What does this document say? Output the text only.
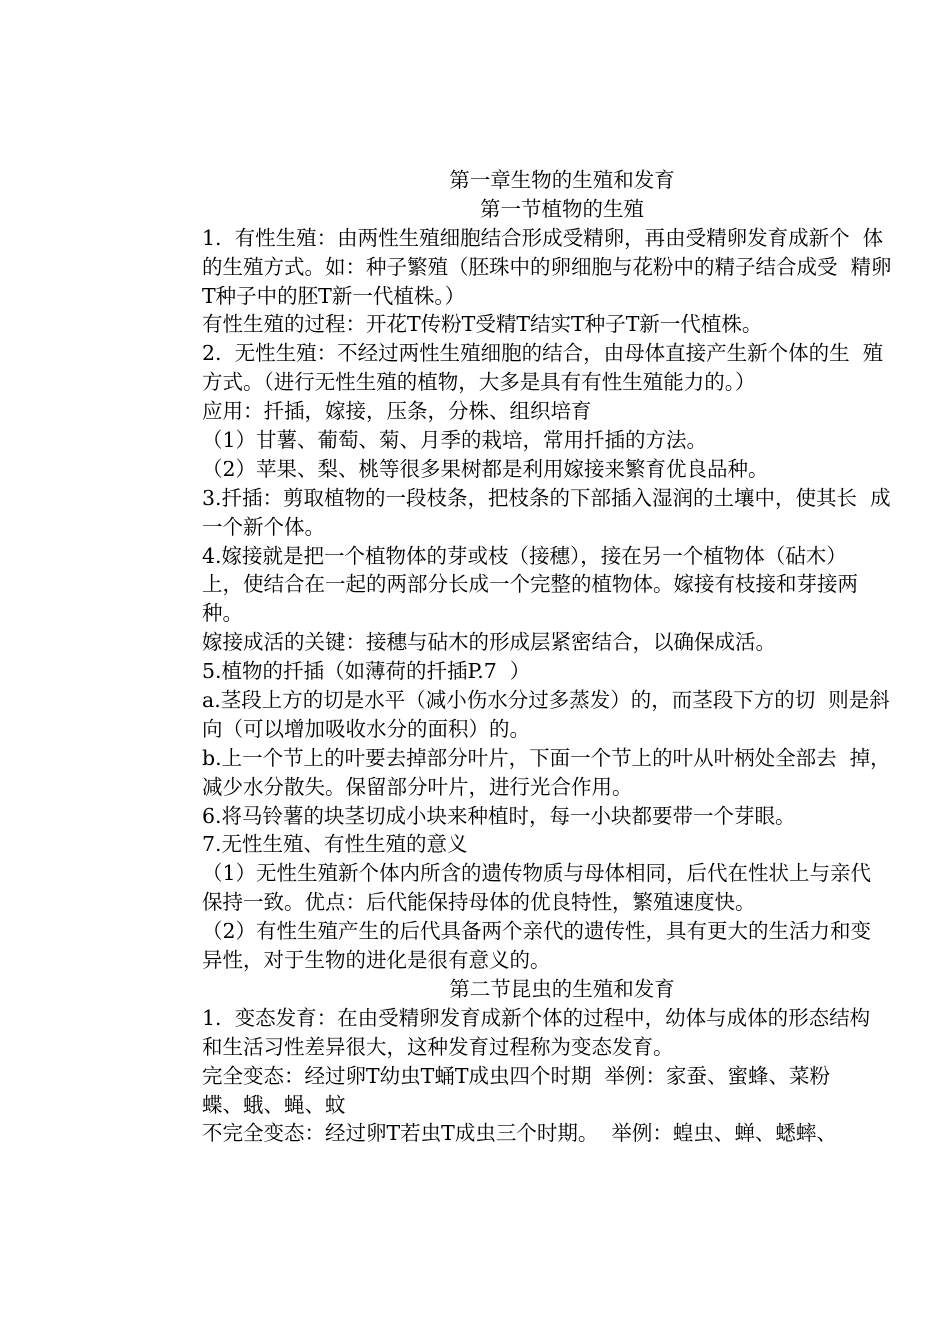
第一章生物的生殖和发育
第一节植物的生殖
1.  有性生殖：由两性生殖细胞结合形成受精卵，再由受精卵发育成新个  体
的生殖方式。如：种子繁殖（胚珠中的卵细胞与花粉中的精子结合成受  精卵
T种子中的胚T新一代植株。）
有性生殖的过程：开花T传粉T受精T结实T种子T新一代植株。
2.  无性生殖：不经过两性生殖细胞的结合，由母体直接产生新个体的生  殖
方式。（进行无性生殖的植物，大多是具有有性生殖能力的。）
应用：扦插，嫁接，压条，分株、组织培育
（1）甘薯、葡萄、菊、月季的栽培，常用扦插的方法。
（2）苹果、梨、桃等很多果树都是利用嫁接来繁育优良品种。
3.扦插：剪取植物的一段枝条，把枝条的下部插入湿润的土壤中，使其长  成
一个新个体。
4.嫁接就是把一个植物体的芽或枝（接穗），接在另一个植物体（砧木）
上，使结合在一起的两部分长成一个完整的植物体。嫁接有枝接和芽接两
种。
嫁接成活的关键：接穗与砧木的形成层紧密结合，以确保成活。
5.植物的扦插（如薄荷的扦插P.7  ）
a.茎段上方的切是水平（减小伤水分过多蒸发）的，而茎段下方的切  则是斜
向（可以增加吸收水分的面积）的。
b.上一个节上的叶要去掉部分叶片，下面一个节上的叶从叶柄处全部去  掉，
减少水分散失。保留部分叶片，进行光合作用。
6.将马铃薯的块茎切成小块来种植时，每一小块都要带一个芽眼。
7.无性生殖、有性生殖的意义
（1）无性生殖新个体内所含的遗传物质与母体相同，后代在性状上与亲代
保持一致。优点：后代能保持母体的优良特性，繁殖速度快。
（2）有性生殖产生的后代具备两个亲代的遗传性，具有更大的生活力和变
异性，对于生物的进化是很有意义的。
第二节昆虫的生殖和发育
1.  变态发育：在由受精卵发育成新个体的过程中，幼体与成体的形态结构
和生活习性差异很大，这种发育过程称为变态发育。
完全变态：经过卵T幼虫T蛹T成虫四个时期  举例：家蚕、蜜蜂、菜粉
蝶、蛾、蝇、蚊
不完全变态：经过卵T若虫T成虫三个时期。  举例：蝗虫、蝉、蟋蟀、
